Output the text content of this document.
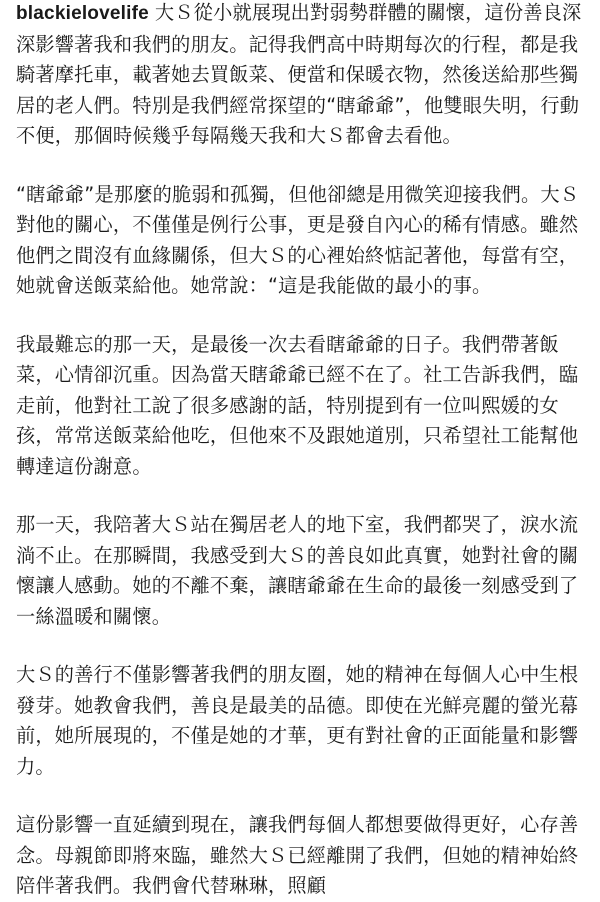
blackielovelife 大Ｓ從小就展現出對弱勢群體的關懷，這份善良深深影響著我和我們的朋友。記得我們高中時期每次的行程，都是我騎著摩托車，載著她去買飯菜、便當和保暖衣物，然後送給那些獨居的老人們。特別是我們經常探望的“瞎爺爺”，他雙眼失明，行動不便，那個時候幾乎每隔幾天我和大Ｓ都會去看他。

“瞎爺爺”是那麼的脆弱和孤獨，但他卻總是用微笑迎接我們。大Ｓ對他的關心，不僅僅是例行公事，更是發自內心的稀有情感。雖然他們之間沒有血緣關係，但大Ｓ的心裡始終惦記著他，每當有空，她就會送飯菜給他。她常說：“這是我能做的最小的事。

我最難忘的那一天，是最後一次去看瞎爺爺的日子。我們帶著飯菜，心情卻沉重。因為當天瞎爺爺已經不在了。社工告訴我們，臨走前，他對社工說了很多感謝的話，特別提到有一位叫熙媛的女孩，常常送飯菜給他吃，但他來不及跟她道別，只希望社工能幫他轉達這份謝意。

那一天，我陪著大Ｓ站在獨居老人的地下室，我們都哭了，淚水流淌不止。在那瞬間，我感受到大Ｓ的善良如此真實，她對社會的關懷讓人感動。她的不離不棄，讓瞎爺爺在生命的最後一刻感受到了一絲溫暖和關懷。

大Ｓ的善行不僅影響著我們的朋友圈，她的精神在每個人心中生根發芽。她教會我們，善良是最美的品德。即使在光鮮亮麗的螢光幕前，她所展現的，不僅是她的才華，更有對社會的正面能量和影響力。

這份影響一直延續到現在，讓我們每個人都想要做得更好，心存善念。母親節即將來臨，雖然大Ｓ已經離開了我們，但她的精神始終陪伴著我們。我們會代替琳琳，照顧
